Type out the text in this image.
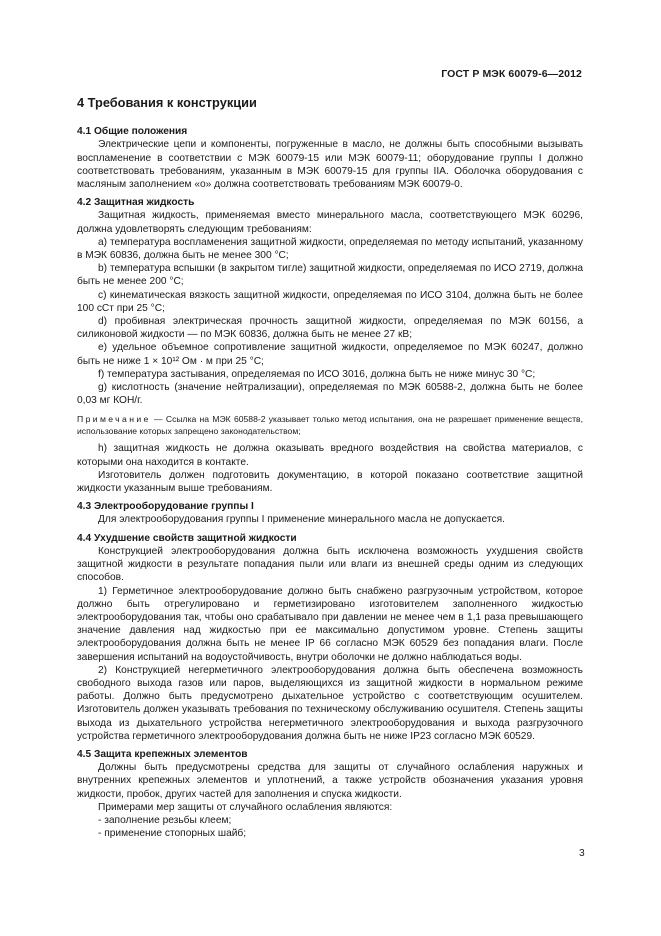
ГОСТ Р МЭК 60079-6—2012

4 Требования к конструкции

4.1 Общие положения

Электрические цепи и компоненты, погруженные в масло, не должны быть способными вызывать воспламенение в соответствии с МЭК 60079-15 или МЭК 60079-11; оборудование группы I должно соответствовать требованиям, указанным в МЭК 60079-15 для группы IIA. Оболочка оборудования с масляным заполнением «о» должна соответствовать требованиям МЭК 60079-0.

4.2 Защитная жидкость

Защитная жидкость, применяемая вместо минерального масла, соответствующего МЭК 60296, должна удовлетворять следующим требованиям:

a) температура воспламенения защитной жидкости, определяемая по методу испытаний, указанному в МЭК 60836, должна быть не менее 300 °С;

b) температура вспышки (в закрытом тигле) защитной жидкости, определяемая по ИСО 2719, должна быть не менее 200 °С;

c) кинематическая вязкость защитной жидкости, определяемая по ИСО 3104, должна быть не более 100 сСт при 25 °С;

d) пробивная электрическая прочность защитной жидкости, определяемая по МЭК 60156, а силиконовой жидкости — по МЭК 60836, должна быть не менее 27 кВ;

e) удельное объемное сопротивление защитной жидкости, определяемое по МЭК 60247, должно быть не ниже 1 × 10¹² Ом · м при 25 °С;

f) температура застывания, определяемая по ИСО 3016, должна быть не ниже минус 30 °С;

g) кислотность (значение нейтрализации), определяемая по МЭК 60588-2, должна быть не более 0,03 мг КОН/г.

Примечание — Ссылка на МЭК 60588-2 указывает только метод испытания, она не разрешает применение веществ, использование которых запрещено законодательством;

h) защитная жидкость не должна оказывать вредного воздействия на свойства материалов, с которыми она находится в контакте.

Изготовитель должен подготовить документацию, в которой показано соответствие защитной жидкости указанным выше требованиям.

4.3 Электрооборудование группы I

Для электрооборудования группы I применение минерального масла не допускается.

4.4 Ухудшение свойств защитной жидкости

Конструкцией электрооборудования должна быть исключена возможность ухудшения свойств защитной жидкости в результате попадания пыли или влаги из внешней среды одним из следующих способов.

1) Герметичное электрооборудование должно быть снабжено разгрузочным устройством, которое должно быть отрегулировано и герметизировано изготовителем заполненного жидкостью электрооборудования так, чтобы оно срабатывало при давлении не менее чем в 1,1 раза превышающего значение давления над жидкостью при ее максимально допустимом уровне. Степень защиты электрооборудования должна быть не менее IP 66 согласно МЭК 60529 без попадания влаги. После завершения испытаний на водоустойчивость, внутри оболочки не должно наблюдаться воды.

2) Конструкцией негерметичного электрооборудования должна быть обеспечена возможность свободного выхода газов или паров, выделяющихся из защитной жидкости в нормальном режиме работы. Должно быть предусмотрено дыхательное устройство с соответствующим осушителем. Изготовитель должен указывать требования по техническому обслуживанию осушителя. Степень защиты выхода из дыхательного устройства негерметичного электрооборудования и выхода разгрузочного устройства герметичного электрооборудования должна быть не ниже IP23 согласно МЭК 60529.

4.5 Защита крепежных элементов

Должны быть предусмотрены средства для защиты от случайного ослабления наружных и внутренних крепежных элементов и уплотнений, а также устройств обозначения указания уровня жидкости, пробок, других частей для заполнения и спуска жидкости.

Примерами мер защиты от случайного ослабления являются:

- заполнение резьбы клеем;

- применение стопорных шайб;

3
